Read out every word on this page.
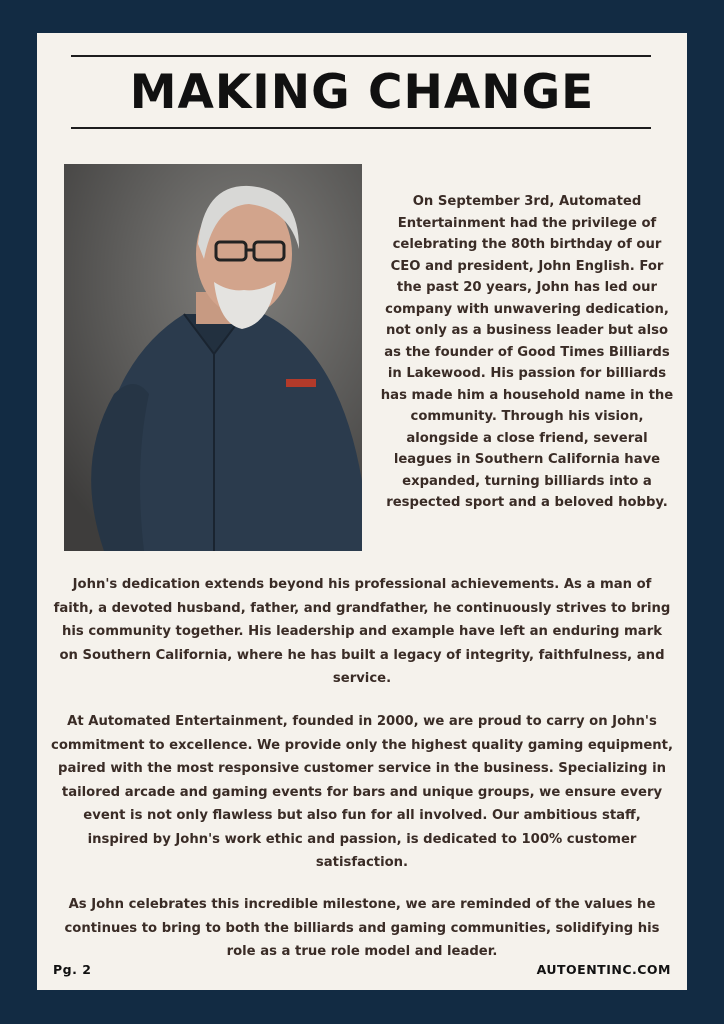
MAKING CHANGE

On September 3rd, Automated Entertainment had the privilege of celebrating the 80th birthday of our CEO and president, John English. For the past 20 years, John has led our company with unwavering dedication, not only as a business leader but also as the founder of Good Times Billiards in Lakewood. His passion for billiards has made him a household name in the community. Through his vision, alongside a close friend, several leagues in Southern California have expanded, turning billiards into a respected sport and a beloved hobby.

John's dedication extends beyond his professional achievements. As a man of faith, a devoted husband, father, and grandfather, he continuously strives to bring his community together. His leadership and example have left an enduring mark on Southern California, where he has built a legacy of integrity, faithfulness, and service.

At Automated Entertainment, founded in 2000, we are proud to carry on John's commitment to excellence. We provide only the highest quality gaming equipment, paired with the most responsive customer service in the business. Specializing in tailored arcade and gaming events for bars and unique groups, we ensure every event is not only flawless but also fun for all involved. Our ambitious staff, inspired by John's work ethic and passion, is dedicated to 100% customer satisfaction.

As John celebrates this incredible milestone, we are reminded of the values he continues to bring to both the billiards and gaming communities, solidifying his role as a true role model and leader.

Pg. 2	AUTOENTINC.COM
